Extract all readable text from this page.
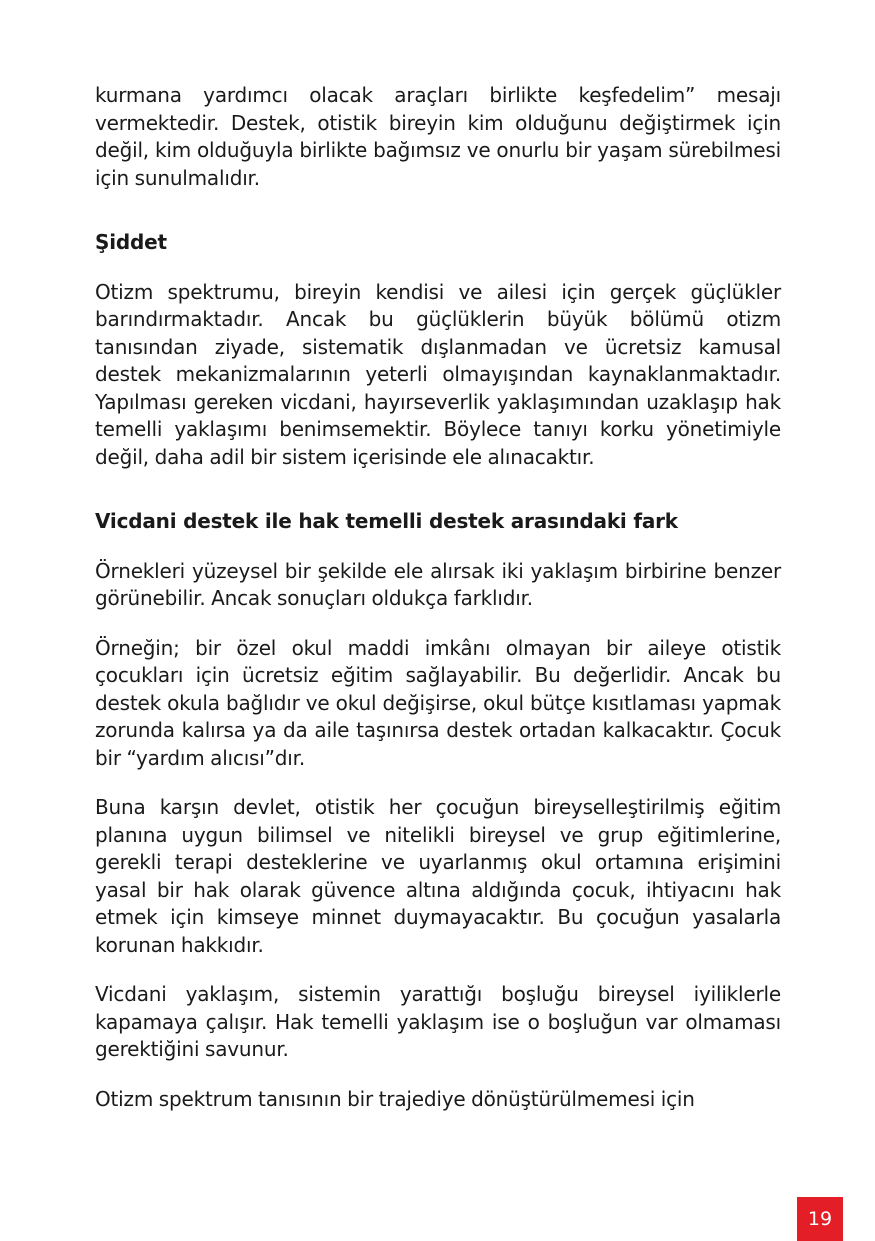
kurmana yardımcı olacak araçları birlikte keşfedelim” mesajı vermektedir. Destek, otistik bireyin kim olduğunu değiştirmek için değil, kim olduğuyla birlikte bağımsız ve onurlu bir yaşam sürebilmesi için sunulmalıdır.

Şiddet

Otizm spektrumu, bireyin kendisi ve ailesi için gerçek güçlükler barındırmaktadır. Ancak bu güçlüklerin büyük bölümü otizm tanısından ziyade, sistematik dışlanmadan ve ücretsiz kamusal destek mekanizmalarının yeterli olmayışından kaynaklanmaktadır. Yapılması gereken vicdani, hayırseverlik yaklaşımından uzaklaşıp hak temelli yaklaşımı benimsemektir. Böylece tanıyı korku yönetimiyle değil, daha adil bir sistem içerisinde ele alınacaktır.

Vicdani destek ile hak temelli destek arasındaki fark

Örnekleri yüzeysel bir şekilde ele alırsak iki yaklaşım birbirine benzer görünebilir. Ancak sonuçları oldukça farklıdır.

Örneğin; bir özel okul maddi imkânı olmayan bir aileye otistik çocukları için ücretsiz eğitim sağlayabilir. Bu değerlidir. Ancak bu destek okula bağlıdır ve okul değişirse, okul bütçe kısıtlaması yapmak zorunda kalırsa ya da aile taşınırsa destek ortadan kalkacaktır. Çocuk bir “yardım alıcısı”dır.

Buna karşın devlet, otistik her çocuğun bireyselleştirilmiş eğitim planına uygun bilimsel ve nitelikli bireysel ve grup eğitimlerine, gerekli terapi desteklerine ve uyarlanmış okul ortamına erişimini yasal bir hak olarak güvence altına aldığında çocuk, ihtiyacını hak etmek için kimseye minnet duymayacaktır. Bu çocuğun yasalarla korunan hakkıdır.

Vicdani yaklaşım, sistemin yarattığı boşluğu bireysel iyiliklerle kapamaya çalışır. Hak temelli yaklaşım ise o boşluğun var olmaması gerektiğini savunur.

Otizm spektrum tanısının bir trajediye dönüştürülmemesi için

19
